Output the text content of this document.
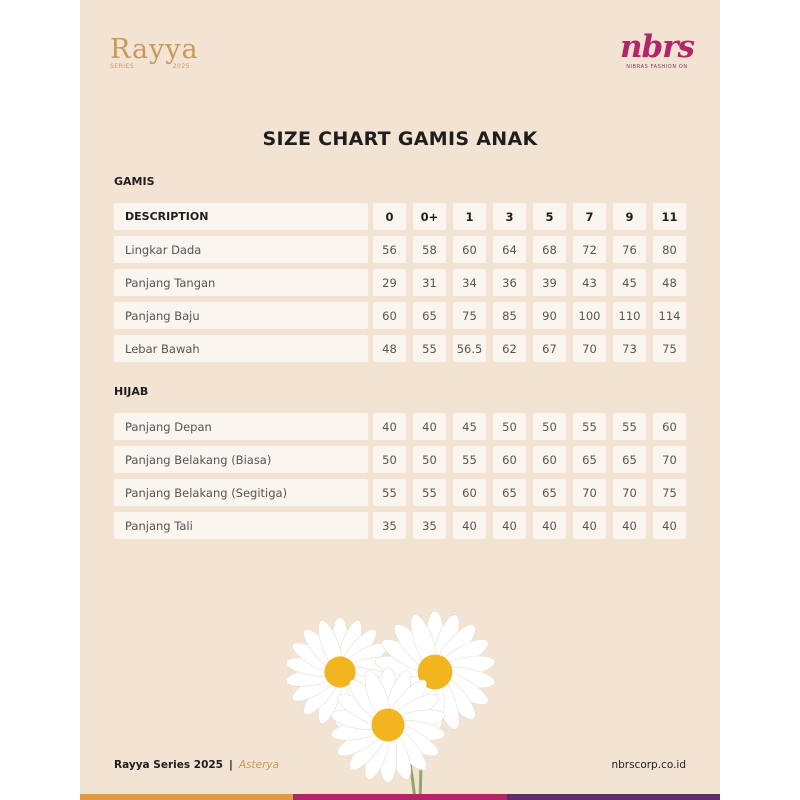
Rayya
SERIES	2025
nbrs
NIBRAS FASHION ON
SIZE CHART GAMIS ANAK
GAMIS
DESCRIPTION	0	0+	1	3	5	7	9	11
Lingkar Dada	56	58	60	64	68	72	76	80
Panjang Tangan	29	31	34	36	39	43	45	48
Panjang Baju	60	65	75	85	90	100	110	114
Lebar Bawah	48	55	56.5	62	67	70	73	75
HIJAB
Panjang Depan	40	40	45	50	50	55	55	60
Panjang Belakang (Biasa)	50	50	55	60	60	65	65	70
Panjang Belakang (Segitiga)	55	55	60	65	65	70	70	75
Panjang Tali	35	35	40	40	40	40	40	40
Rayya Series 2025 | Asterya	nbrscorp.co.id
